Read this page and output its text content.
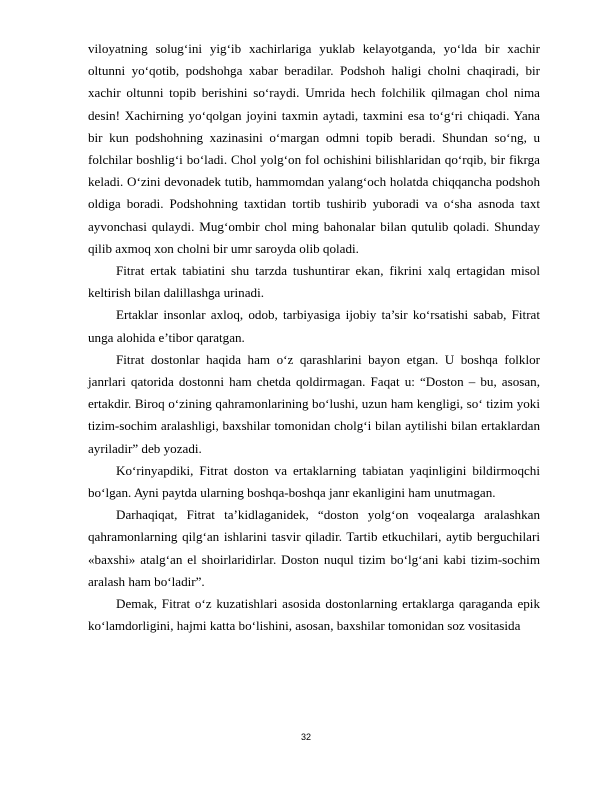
viloyatning solug‘ini yig‘ib xachirlariga yuklab kelayotganda, yo‘lda bir xachir oltunni yo‘qotib, podshohga xabar beradilar. Podshoh haligi cholni chaqiradi, bir xachir oltunni topib berishini so‘raydi. Umrida hech folchilik qilmagan chol nima desin! Xachirning yo‘qolgan joyini taxmin aytadi, taxmini esa to‘g‘ri chiqadi. Yana bir kun podshohning xazinasini o‘margan odmni topib beradi. Shundan so‘ng, u folchilar boshlig‘i bo‘ladi. Chol yolg‘on fol ochishini bilishlaridan qo‘rqib, bir fikrga keladi. O‘zini devonadek tutib, hammomdan yalang‘och holatda chiqqancha podshoh oldiga boradi. Podshohning taxtidan tortib tushirib yuboradi va o‘sha asnoda taxt ayvonchasi qulaydi. Mug‘ombir chol ming bahonalar bilan qutulib qoladi. Shunday qilib axmoq xon cholni bir umr saroyda olib qoladi.

Fitrat ertak tabiatini shu tarzda tushuntirar ekan, fikrini xalq ertagidan misol keltirish bilan dalillashga urinadi.

Ertaklar insonlar axloq, odob, tarbiyasiga ijobiy ta’sir ko‘rsatishi sabab, Fitrat unga alohida e’tibor qaratgan.

Fitrat dostonlar haqida ham o‘z qarashlarini bayon etgan. U boshqa folklor janrlari qatorida dostonni ham chetda qoldirmagan. Faqat u: “Doston – bu, asosan, ertakdir. Biroq o‘zining qahramonlarining bo‘lushi, uzun ham kengligi, so‘ tizim yoki tizim-sochim aralashligi, baxshilar tomonidan cholg‘i bilan aytilishi bilan ertaklardan ayriladir” deb yozadi.

Ko‘rinyapdiki, Fitrat doston va ertaklarning tabiatan yaqinligini bildirmoqchi bo‘lgan. Ayni paytda ularning boshqa-boshqa janr ekanligini ham unutmagan.

Darhaqiqat, Fitrat ta’kidlaganidek, “doston yolg‘on voqealarga aralashkan qahramonlarning qilg‘an ishlarini tasvir qiladir. Tartib etkuchilari, aytib berguchilari «baxshi» atalg‘an el shoirlaridirlar. Doston nuqul tizim bo‘lg‘ani kabi tizim-sochim aralash ham bo‘ladir”.

Demak, Fitrat o‘z kuzatishlari asosida dostonlarning ertaklarga qaraganda epik ko‘lamdorligini, hajmi katta bo‘lishini, asosan, baxshilar tomonidan soz vositasida

32
